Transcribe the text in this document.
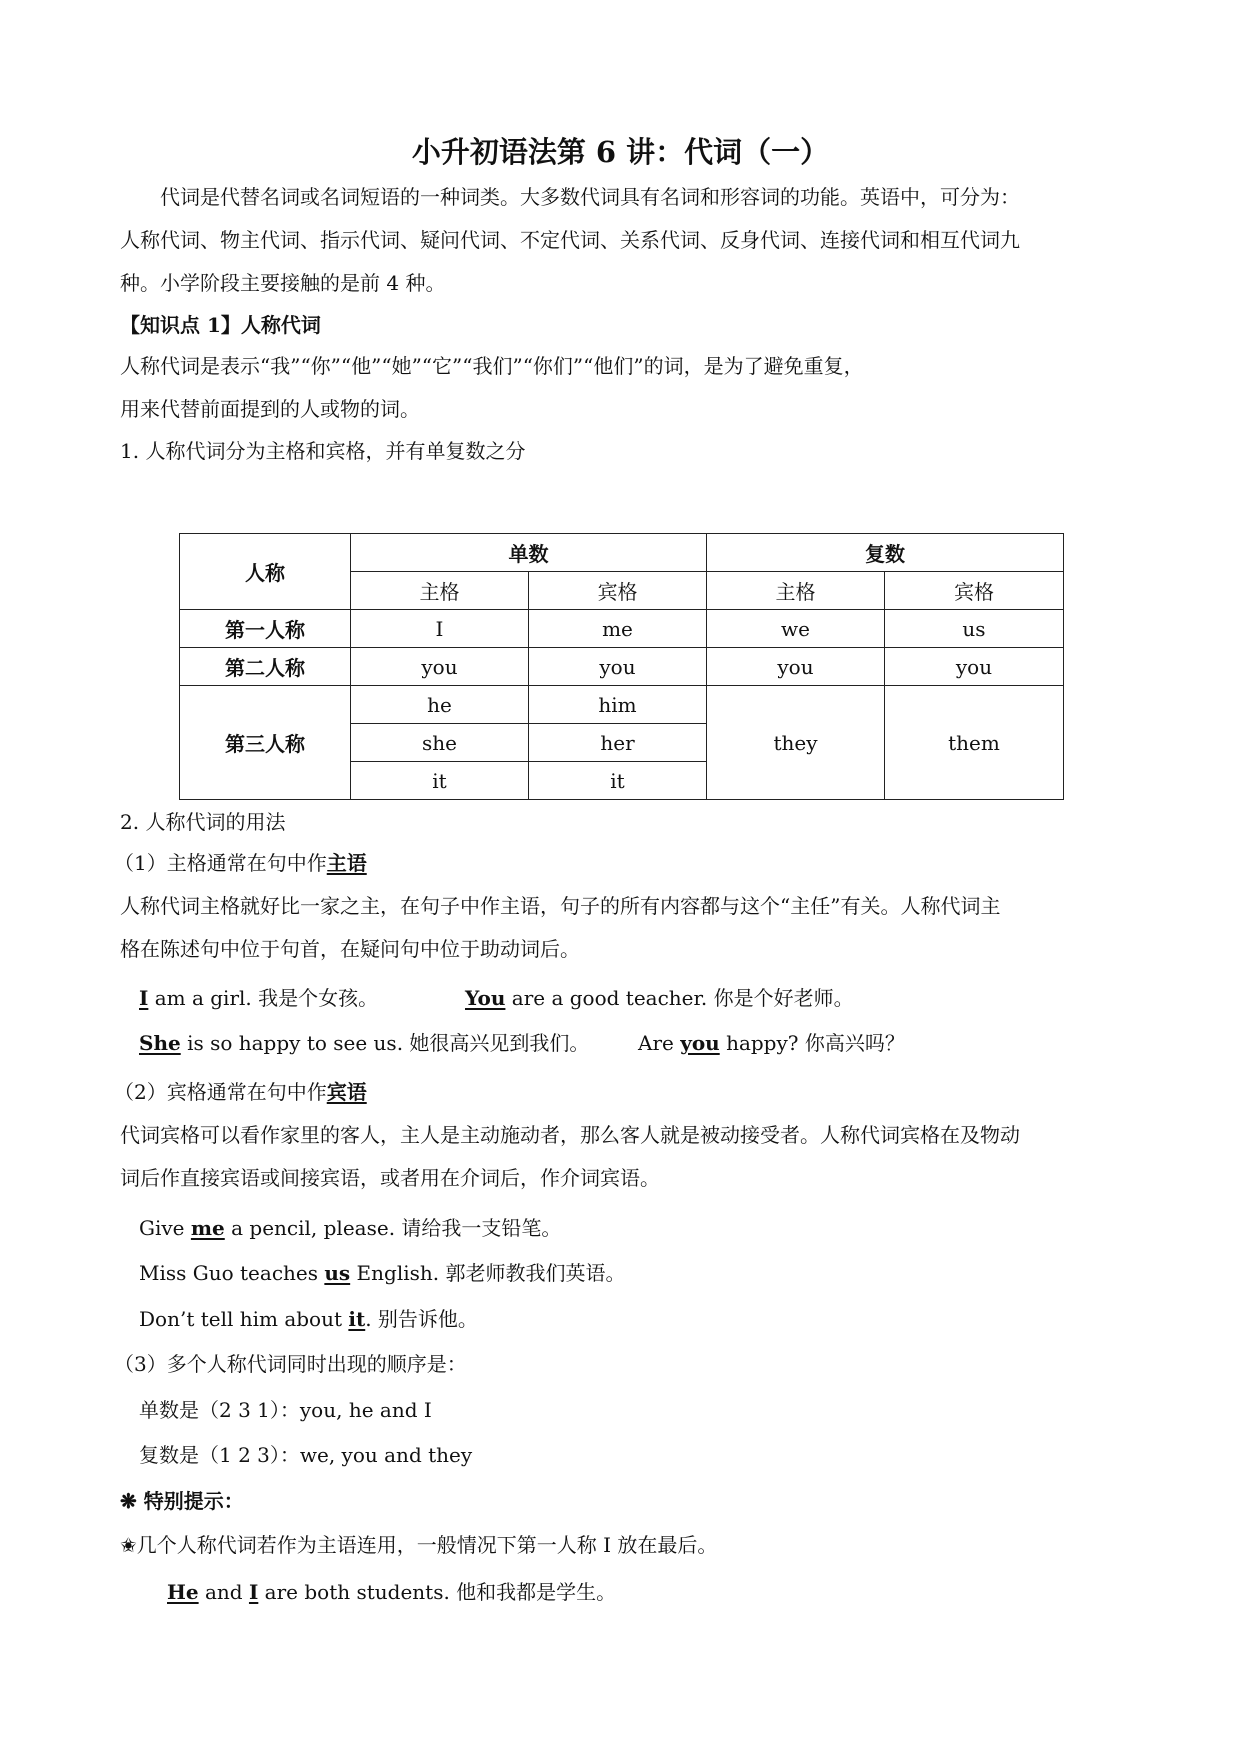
小升初语法第 6 讲：代词（一）
代词是代替名词或名词短语的一种词类。大多数代词具有名词和形容词的功能。英语中，可分为：
人称代词、物主代词、指示代词、疑问代词、不定代词、关系代词、反身代词、连接代词和相互代词九
种。小学阶段主要接触的是前 4 种。
【知识点 1】人称代词
人称代词是表示“我”“你”“他”“她”“它”“我们”“你们”“他们”的词，是为了避免重复，
用来代替前面提到的人或物的词。
1. 人称代词分为主格和宾格，并有单复数之分
人称	单数		复数	
	主格	宾格	主格	宾格
第一人称	I	me	we	us
第二人称	you	you	you	you
第三人称	he	him	they	them
	she	her		
	it	it		
2. 人称代词的用法
（1）主格通常在句中作主语
人称代词主格就好比一家之主，在句子中作主语，句子的所有内容都与这个“主任”有关。人称代词主
格在陈述句中位于句首，在疑问句中位于助动词后。
I am a girl. 我是个女孩。	You are a good teacher. 你是个好老师。
She is so happy to see us. 她很高兴见到我们。 Are you happy? 你高兴吗？
（2）宾格通常在句中作宾语
代词宾格可以看作家里的客人，主人是主动施动者，那么客人就是被动接受者。人称代词宾格在及物动
词后作直接宾语或间接宾语，或者用在介词后，作介词宾语。
Give me a pencil, please. 请给我一支铅笔。
Miss Guo teaches us English. 郭老师教我们英语。
Don’t tell him about it. 别告诉他。
（3）多个人称代词同时出现的顺序是：
单数是（2 3 1）：you, he and I
复数是（1 2 3）：we, you and they
❋ 特别提示：
✬几个人称代词若作为主语连用，一般情况下第一人称 I 放在最后。
He and I are both students. 他和我都是学生。
